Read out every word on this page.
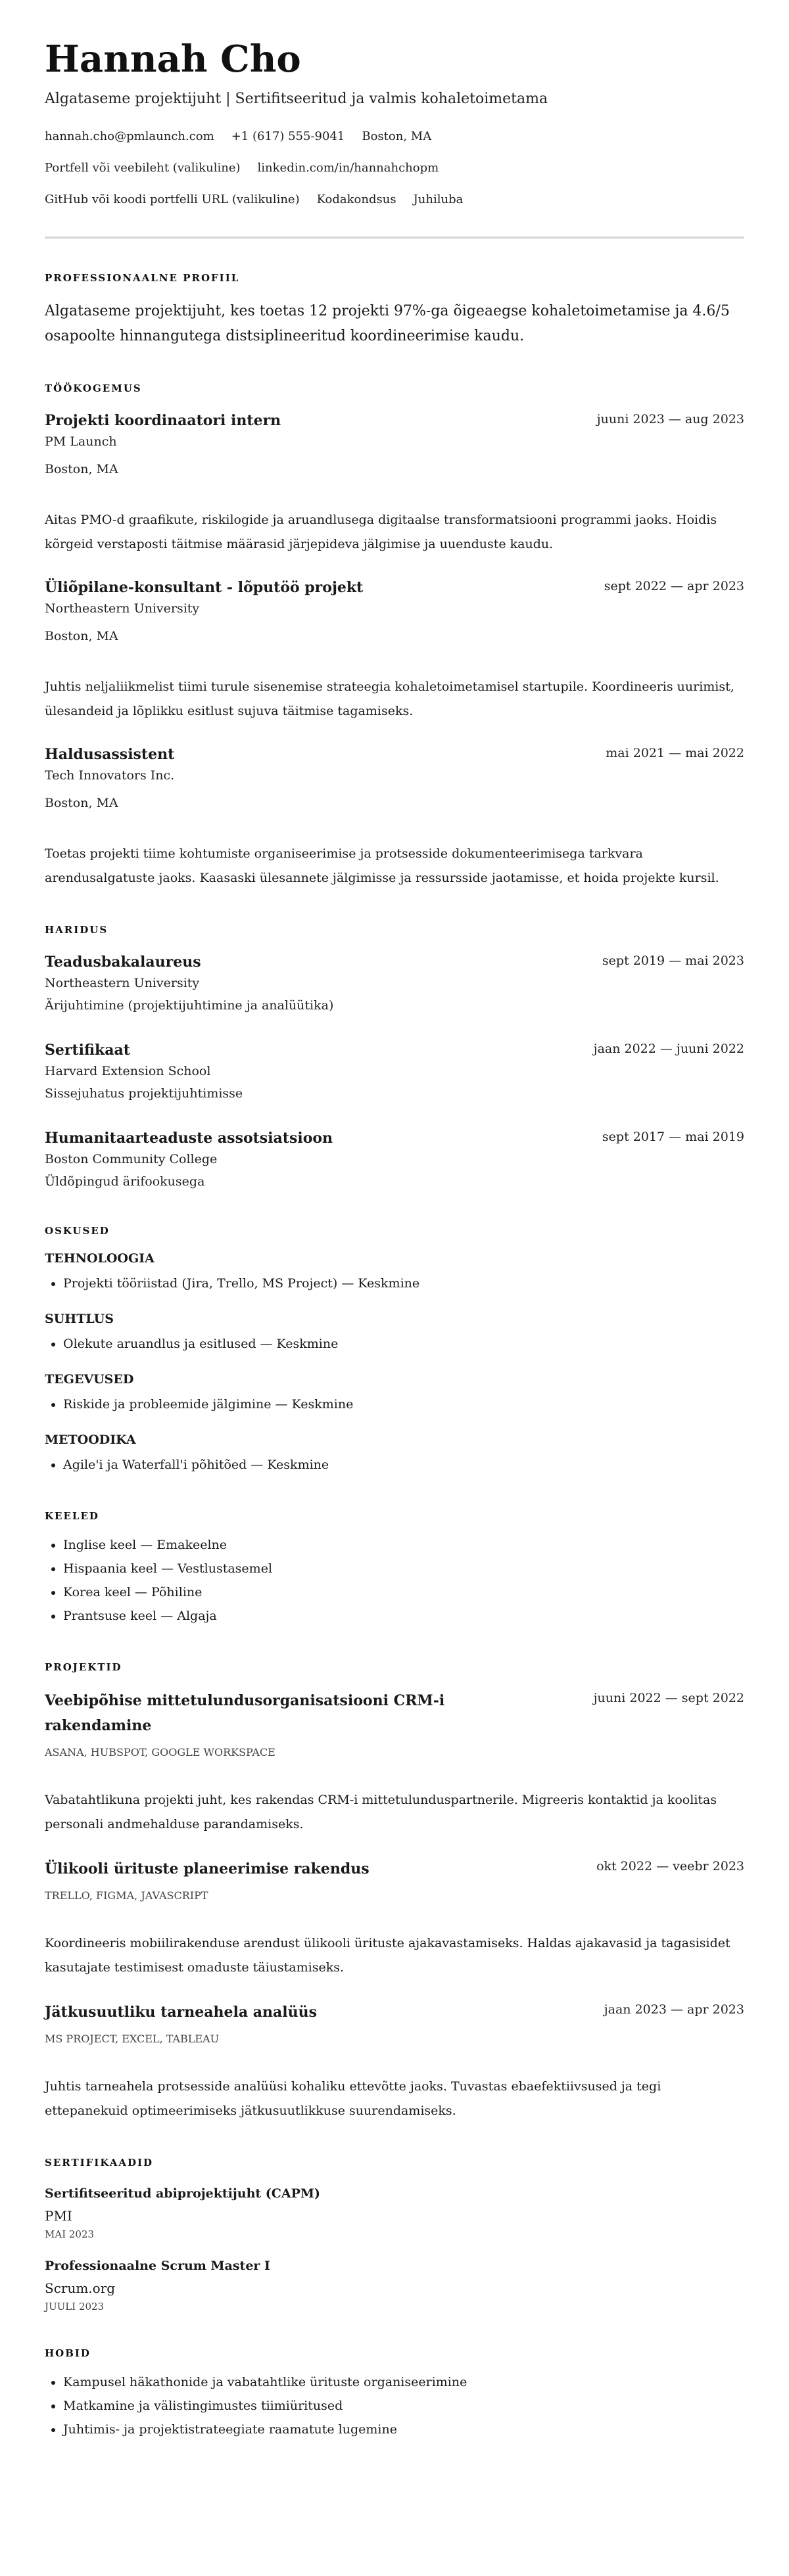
Hannah Cho
Algataseme projektijuht | Sertifitseeritud ja valmis kohaletoimetama
hannah.cho@pmlaunch.com +1 (617) 555-9041 Boston, MA
Portfell või veebileht (valikuline) linkedin.com/in/hannahchopm
GitHub või koodi portfelli URL (valikuline) Kodakondsus Juhiluba
PROFESSIONAALNE PROFIIL

Algataseme projektijuht, kes toetas 12 projekti 97%-ga õigeaegse kohaletoimetamise ja 4.6/5 osapoolte hinnangutega distsiplineeritud koordineerimise kaudu.

TÖÖKOGEMUS
Projekti koordinaatori intern	juuni 2023 — aug 2023
PM Launch
Boston, MA
Aitas PMO-d graafikute, riskilogide ja aruandlusega digitaalse transformatsiooni programmi jaoks. Hoidis kõrgeid verstaposti täitmise määrasid järjepideva jälgimise ja uuenduste kaudu.
Üliõpilane-konsultant - lõputöö projekt	sept 2022 — apr 2023
Northeastern University
Boston, MA
Juhtis neljaliikmelist tiimi turule sisenemise strateegia kohaletoimetamisel startupile. Koordineeris uurimist, ülesandeid ja lõplikku esitlust sujuva täitmise tagamiseks.
Haldusassistent	mai 2021 — mai 2022
Tech Innovators Inc.
Boston, MA
Toetas projekti tiime kohtumiste organiseerimise ja protsesside dokumenteerimisega tarkvara arendusalgatuste jaoks. Kaasaski ülesannete jälgimisse ja ressursside jaotamisse, et hoida projekte kursil.
HARIDUS
Teadusbakalaureus	sept 2019 — mai 2023
Northeastern University
Ärijuhtimine (projektijuhtimine ja analüütika)
Sertifikaat	jaan 2022 — juuni 2022
Harvard Extension School
Sissejuhatus projektijuhtimisse
Humanitaarteaduste assotsiatsioon	sept 2017 — mai 2019
Boston Community College
Üldõpingud ärifookusega
OSKUSED
TEHNOLOOGIA
• Projekti tööriistad (Jira, Trello, MS Project) — Keskmine
SUHTLUS
• Olekute aruandlus ja esitlused — Keskmine
TEGEVUSED
• Riskide ja probleemide jälgimine — Keskmine
METOODIKA
• Agile'i ja Waterfall'i põhitõed — Keskmine
KEELED
• Inglise keel — Emakeelne
• Hispaania keel — Vestlustasemel
• Korea keel — Põhiline
• Prantsuse keel — Algaja
PROJEKTID
Veebipõhise mittetulundusorganisatsiooni CRM-i rakendamine
juuni 2022 — sept 2022
ASANA, HUBSPOT, GOOGLE WORKSPACE
Vabatahtlikuna projekti juht, kes rakendas CRM-i mittetulunduspartnerile. Migreeris kontaktid ja koolitas personali andmehalduse parandamiseks.
Ülikooli ürituste planeerimise rakendus	okt 2022 — veebr 2023
TRELLO, FIGMA, JAVASCRIPT
Koordineeris mobiilirakenduse arendust ülikooli ürituste ajakavastamiseks. Haldas ajakavasid ja tagasisidet kasutajate testimisest omaduste täiustamiseks.
Jätkusuutliku tarneahela analüüs	jaan 2023 — apr 2023
MS PROJECT, EXCEL, TABLEAU
Juhtis tarneahela protsesside analüüsi kohaliku ettevõtte jaoks. Tuvastas ebaefektiivsused ja tegi ettepanekuid optimeerimiseks jätkusuutlikkuse suurendamiseks.
SERTIFIKAADID
Sertifitseeritud abiprojektijuht (CAPM)
PMI
MAI 2023
Professionaalne Scrum Master I
Scrum.org
JUULI 2023
HOBID
• Kampusel häkathonide ja vabatahtlike ürituste organiseerimine
• Matkamine ja välistingimustes tiimiüritused
• Juhtimis- ja projektistrateegiate raamatute lugemine
